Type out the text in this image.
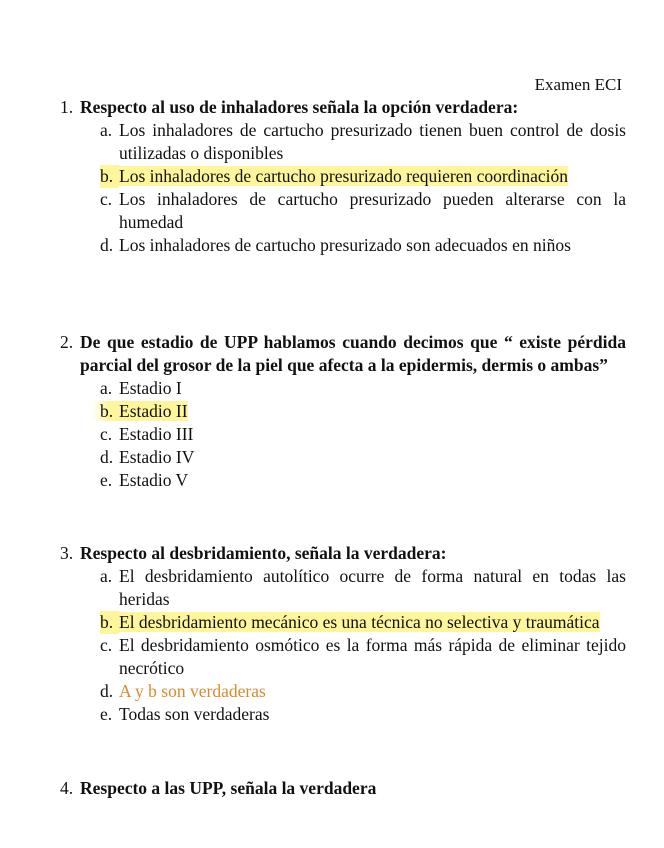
Examen ECI
1. Respecto al uso de inhaladores señala la opción verdadera:
a. Los inhaladores de cartucho presurizado tienen buen control de dosis utilizadas o disponibles
b. Los inhaladores de cartucho presurizado requieren coordinación
c. Los inhaladores de cartucho presurizado pueden alterarse con la humedad
d. Los inhaladores de cartucho presurizado son adecuados en niños
2. De que estadio de UPP hablamos cuando decimos que “ existe pérdida parcial del grosor de la piel que afecta a la epidermis, dermis o ambas”
a. Estadio I
b. Estadio II
c. Estadio III
d. Estadio IV
e. Estadio V
3. Respecto al desbridamiento, señala la verdadera:
a. El desbridamiento autolítico ocurre de forma natural en todas las heridas
b. El desbridamiento mecánico es una técnica no selectiva y traumática
c. El desbridamiento osmótico es la forma más rápida de eliminar tejido necrótico
d. A y b son verdaderas
e. Todas son verdaderas
4. Respecto a las UPP, señala la verdadera
